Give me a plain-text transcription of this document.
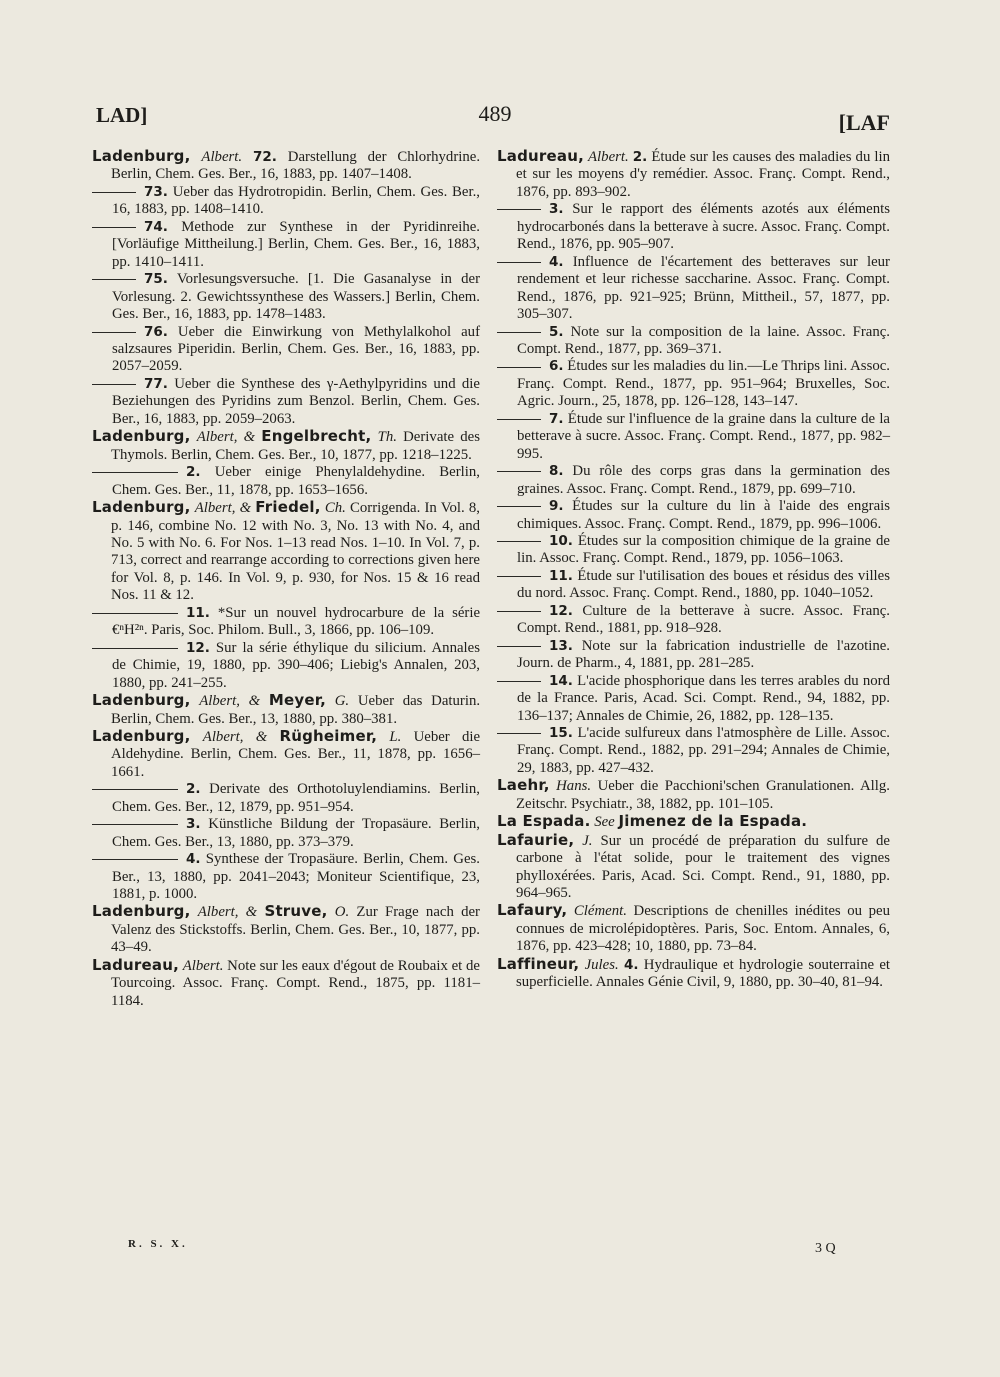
LAD]	489	[LAF

Ladenburg, Albert. 72. Darstellung der Chlorhydrine. Berlin, Chem. Ges. Ber., 16, 1883, pp. 1407–1408.

73. Ueber das Hydrotropidin. Berlin, Chem. Ges. Ber., 16, 1883, pp. 1408–1410.

74. Methode zur Synthese in der Pyridinreihe. [Vorläufige Mittheilung.] Berlin, Chem. Ges. Ber., 16, 1883, pp. 1410–1411.

75. Vorlesungsversuche. [1. Die Gasanalyse in der Vorlesung. 2. Gewichtssynthese des Wassers.] Berlin, Chem. Ges. Ber., 16, 1883, pp. 1478–1483.

76. Ueber die Einwirkung von Methylalkohol auf salzsaures Piperidin. Berlin, Chem. Ges. Ber., 16, 1883, pp. 2057–2059.

77. Ueber die Synthese des γ-Aethylpyridins und die Beziehungen des Pyridins zum Benzol. Berlin, Chem. Ges. Ber., 16, 1883, pp. 2059–2063.

Ladenburg, Albert, & Engelbrecht, Th. Derivate des Thymols. Berlin, Chem. Ges. Ber., 10, 1877, pp. 1218–1225.

2. Ueber einige Phenylaldehydine. Berlin, Chem. Ges. Ber., 11, 1878, pp. 1653–1656.

Ladenburg, Albert, & Friedel, Ch. Corrigenda. In Vol. 8, p. 146, combine No. 12 with No. 3, No. 13 with No. 4, and No. 5 with No. 6. For Nos. 1–13 read Nos. 1–10. In Vol. 7, p. 713, correct and rearrange according to corrections given here for Vol. 8, p. 146. In Vol. 9, p. 930, for Nos. 15 & 16 read Nos. 11 & 12.

11. *Sur un nouvel hydrocarbure de la série €ⁿH²ⁿ. Paris, Soc. Philom. Bull., 3, 1866, pp. 106–109.

12. Sur la série éthylique du silicium. Annales de Chimie, 19, 1880, pp. 390–406; Liebig's Annalen, 203, 1880, pp. 241–255.

Ladenburg, Albert, & Meyer, G. Ueber das Daturin. Berlin, Chem. Ges. Ber., 13, 1880, pp. 380–381.

Ladenburg, Albert, & Rügheimer, L. Ueber die Aldehydine. Berlin, Chem. Ges. Ber., 11, 1878, pp. 1656–1661.

2. Derivate des Orthotoluylendiamins. Berlin, Chem. Ges. Ber., 12, 1879, pp. 951–954.

3. Künstliche Bildung der Tropasäure. Berlin, Chem. Ges. Ber., 13, 1880, pp. 373–379.

4. Synthese der Tropasäure. Berlin, Chem. Ges. Ber., 13, 1880, pp. 2041–2043; Moniteur Scientifique, 23, 1881, p. 1000.

Ladenburg, Albert, & Struve, O. Zur Frage nach der Valenz des Stickstoffs. Berlin, Chem. Ges. Ber., 10, 1877, pp. 43–49.

Ladureau, Albert. Note sur les eaux d'égout de Roubaix et de Tourcoing. Assoc. Franç. Compt. Rend., 1875, pp. 1181–1184.

Ladureau, Albert. 2. Étude sur les causes des maladies du lin et sur les moyens d'y remédier. Assoc. Franç. Compt. Rend., 1876, pp. 893–902.

3. Sur le rapport des éléments azotés aux éléments hydrocarbonés dans la betterave à sucre. Assoc. Franç. Compt. Rend., 1876, pp. 905–907.

4. Influence de l'écartement des betteraves sur leur rendement et leur richesse saccharine. Assoc. Franç. Compt. Rend., 1876, pp. 921–925; Brünn, Mittheil., 57, 1877, pp. 305–307.

5. Note sur la composition de la laine. Assoc. Franç. Compt. Rend., 1877, pp. 369–371.

6. Études sur les maladies du lin.—Le Thrips lini. Assoc. Franç. Compt. Rend., 1877, pp. 951–964; Bruxelles, Soc. Agric. Journ., 25, 1878, pp. 126–128, 143–147.

7. Étude sur l'influence de la graine dans la culture de la betterave à sucre. Assoc. Franç. Compt. Rend., 1877, pp. 982–995.

8. Du rôle des corps gras dans la germination des graines. Assoc. Franç. Compt. Rend., 1879, pp. 699–710.

9. Études sur la culture du lin à l'aide des engrais chimiques. Assoc. Franç. Compt. Rend., 1879, pp. 996–1006.

10. Études sur la composition chimique de la graine de lin. Assoc. Franç. Compt. Rend., 1879, pp. 1056–1063.

11. Étude sur l'utilisation des boues et résidus des villes du nord. Assoc. Franç. Compt. Rend., 1880, pp. 1040–1052.

12. Culture de la betterave à sucre. Assoc. Franç. Compt. Rend., 1881, pp. 918–928.

13. Note sur la fabrication industrielle de l'azotine. Journ. de Pharm., 4, 1881, pp. 281–285.

14. L'acide phosphorique dans les terres arables du nord de la France. Paris, Acad. Sci. Compt. Rend., 94, 1882, pp. 136–137; Annales de Chimie, 26, 1882, pp. 128–135.

15. L'acide sulfureux dans l'atmosphère de Lille. Assoc. Franç. Compt. Rend., 1882, pp. 291–294; Annales de Chimie, 29, 1883, pp. 427–432.

Laehr, Hans. Ueber die Pacchioni'schen Granulationen. Allg. Zeitschr. Psychiatr., 38, 1882, pp. 101–105.

La Espada. See Jimenez de la Espada.

Lafaurie, J. Sur un procédé de préparation du sulfure de carbone à l'état solide, pour le traitement des vignes phylloxérées. Paris, Acad. Sci. Compt. Rend., 91, 1880, pp. 964–965.

Lafaury, Clément. Descriptions de chenilles inédites ou peu connues de microlépidoptères. Paris, Soc. Entom. Annales, 6, 1876, pp. 423–428; 10, 1880, pp. 73–84.

Laffineur, Jules. 4. Hydraulique et hydrologie souterraine et superficielle. Annales Génie Civil, 9, 1880, pp. 30–40, 81–94.

R. S. X.	3 Q
